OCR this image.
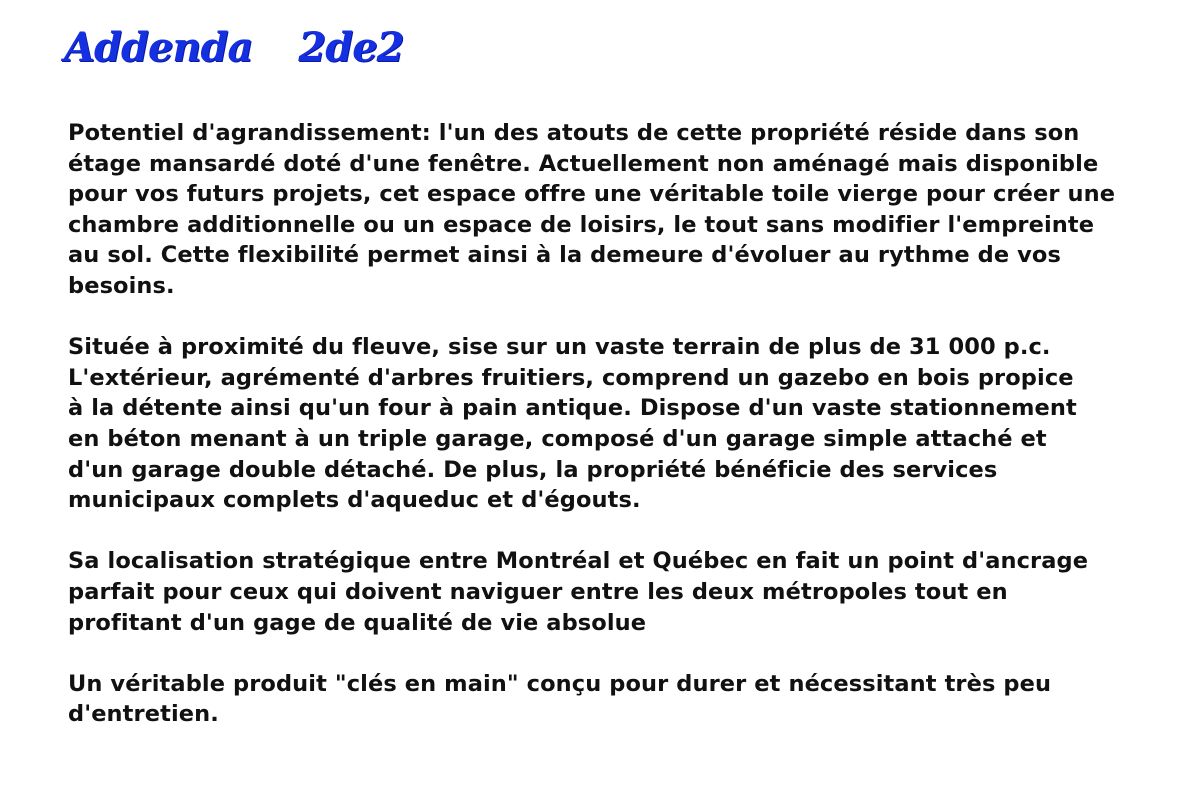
Addenda 2de2

Potentiel d'agrandissement: l'un des atouts de cette propriété réside dans son
étage mansardé doté d'une fenêtre. Actuellement non aménagé mais disponible
pour vos futurs projets, cet espace offre une véritable toile vierge pour créer une
chambre additionnelle ou un espace de loisirs, le tout sans modifier l'empreinte
au sol. Cette flexibilité permet ainsi à la demeure d'évoluer au rythme de vos
besoins.

Située à proximité du fleuve, sise sur un vaste terrain de plus de 31 000 p.c.
L'extérieur, agrémenté d'arbres fruitiers, comprend un gazebo en bois propice
à la détente ainsi qu'un four à pain antique. Dispose d'un vaste stationnement
en béton menant à un triple garage, composé d'un garage simple attaché et
d'un garage double détaché. De plus, la propriété bénéficie des services
municipaux complets d'aqueduc et d'égouts.

Sa localisation stratégique entre Montréal et Québec en fait un point d'ancrage
parfait pour ceux qui doivent naviguer entre les deux métropoles tout en
profitant d'un gage de qualité de vie absolue

Un véritable produit "clés en main" conçu pour durer et nécessitant très peu
d'entretien.
